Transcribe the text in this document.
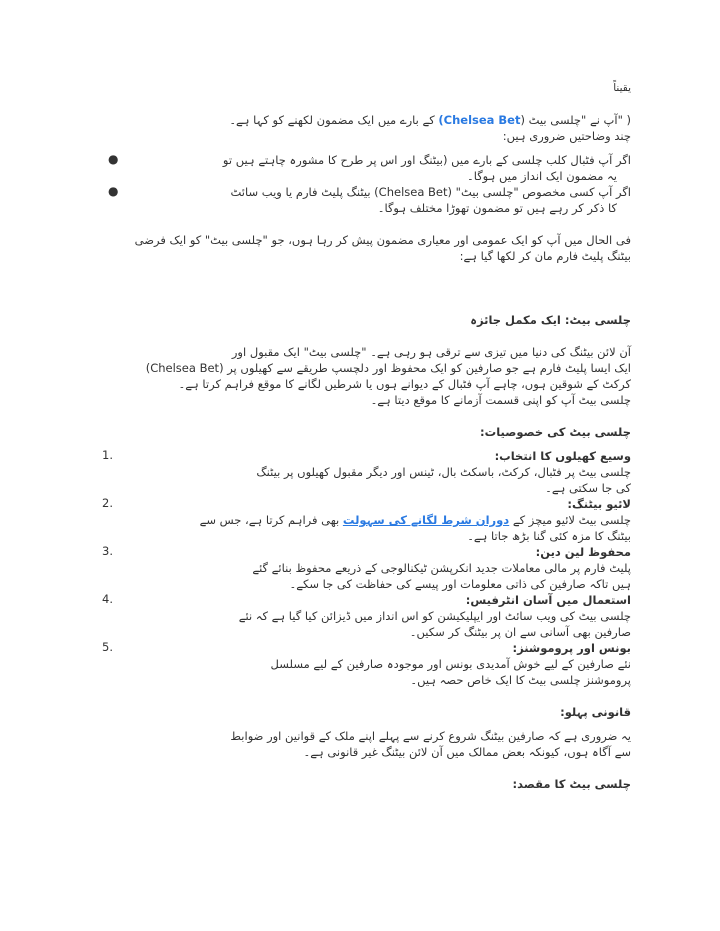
یقیناً
( "آپ نے "چلسی بیٹ (Chelsea Bet) کے بارے میں ایک مضمون لکھنے کو کہا ہے۔
چند وضاحتیں ضروری ہیں:
●	اگر آپ فٹبال کلب چلسی کے بارے میں (بیٹنگ اور اس پر طرح کا مشورہ چاہتے ہیں تو
یہ مضمون ایک انداز میں ہوگا۔
●	اگر آپ کسی مخصوص "چلسی بیٹ" (Chelsea Bet) بیٹنگ پلیٹ فارم یا ویب سائٹ
کا ذکر کر رہے ہیں تو مضمون تھوڑا مختلف ہوگا۔
فی الحال میں آپ کو ایک عمومی اور معیاری مضمون پیش کر رہا ہوں، جو "چلسی بیٹ" کو ایک فرضی
بیٹنگ پلیٹ فارم مان کر لکھا گیا ہے:
چلسی بیٹ: ایک مکمل جائزہ
آن لائن بیٹنگ کی دنیا میں تیزی سے ترقی ہو رہی ہے۔ "چلسی بیٹ" ایک مقبول اور
ایک ایسا پلیٹ فارم ہے جو صارفین کو ایک محفوظ اور دلچسپ طریقے سے کھیلوں پر (Chelsea Bet)
کرکٹ کے شوقین ہوں، چاہے آپ فٹبال کے دیوانے ہوں یا شرطیں لگانے کا موقع فراہم کرتا ہے۔
چلسی بیٹ آپ کو اپنی قسمت آزمانے کا موقع دیتا ہے۔
چلسی بیٹ کی خصوصیات:
1.	وسیع کھیلوں کا انتخاب:
چلسی بیٹ پر فٹبال، کرکٹ، باسکٹ بال، ٹینس اور دیگر مقبول کھیلوں پر بیٹنگ
کی جا سکتی ہے۔
2.	لائیو بیٹنگ:
چلسی بیٹ لائیو میچز کے دوران شرط لگانے کی سہولت بھی فراہم کرتا ہے، جس سے
بیٹنگ کا مزہ کئی گنا بڑھ جاتا ہے۔
3.	محفوظ لین دین:
پلیٹ فارم پر مالی معاملات جدید انکرپشن ٹیکنالوجی کے ذریعے محفوظ بنائے گئے
ہیں تاکہ صارفین کی ذاتی معلومات اور پیسے کی حفاظت کی جا سکے۔
4.	استعمال میں آسان انٹرفیس:
چلسی بیٹ کی ویب سائٹ اور ایپلیکیشن کو اس انداز میں ڈیزائن کیا گیا ہے کہ نئے
صارفین بھی آسانی سے ان پر بیٹنگ کر سکیں۔
5.	بونس اور پروموشنز:
نئے صارفین کے لیے خوش آمدیدی بونس اور موجودہ صارفین کے لیے مسلسل
پروموشنز چلسی بیٹ کا ایک خاص حصہ ہیں۔
قانونی پہلو:
یہ ضروری ہے کہ صارفین بیٹنگ شروع کرنے سے پہلے اپنے ملک کے قوانین اور ضوابط
سے آگاہ ہوں، کیونکہ بعض ممالک میں آن لائن بیٹنگ غیر قانونی ہے۔
چلسی بیٹ کا مقصد:
